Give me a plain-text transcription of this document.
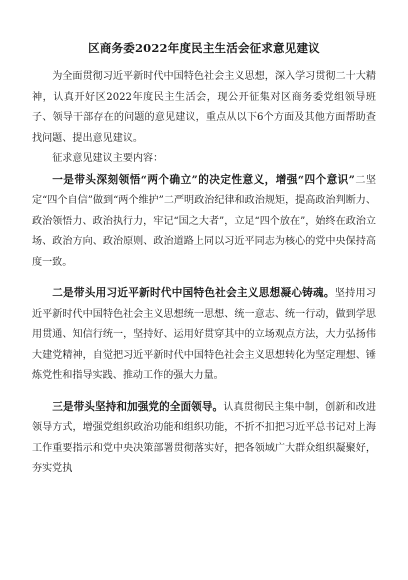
区商务委2022年度民主生活会征求意见建议

为全面贯彻习近平新时代中国特色社会主义思想，深入学习贯彻二十大精神，认真开好区2022年度民主生活会，现公开征集对区商务委党组领导班子、领导干部存在的问题的意见建议，重点从以下6个方面及其他方面帮助查找问题、提出意见建议。

征求意见建议主要内容：

一是带头深刻领悟“两个确立”的决定性意义，增强“四个意识”二坚定“四个自信”做到“两个维护”二严明政治纪律和政治规矩，提高政治判断力、政治领悟力、政治执行力，牢记“国之大者”，立足“四个放在”，始终在政治立场、政治方向、政治原则、政治道路上同以习近平同志为核心的党中央保持高度一致。

二是带头用习近平新时代中国特色社会主义思想凝心铸魂。坚持用习近平新时代中国特色社会主义思想统一思想、统一意志、统一行动，做到学思用贯通、知信行统一，坚持好、运用好贯穿其中的立场观点方法，大力弘扬伟大建党精神，自觉把习近平新时代中国特色社会主义思想转化为坚定理想、锤炼党性和指导实践、推动工作的强大力量。

三是带头坚持和加强党的全面领导。认真贯彻民主集中制，创新和改进领导方式，增强党组织政治功能和组织功能，不折不扣把习近平总书记对上海工作重要指示和党中央决策部署贯彻落实好，把各领域广大群众组织凝聚好，夯实党执
